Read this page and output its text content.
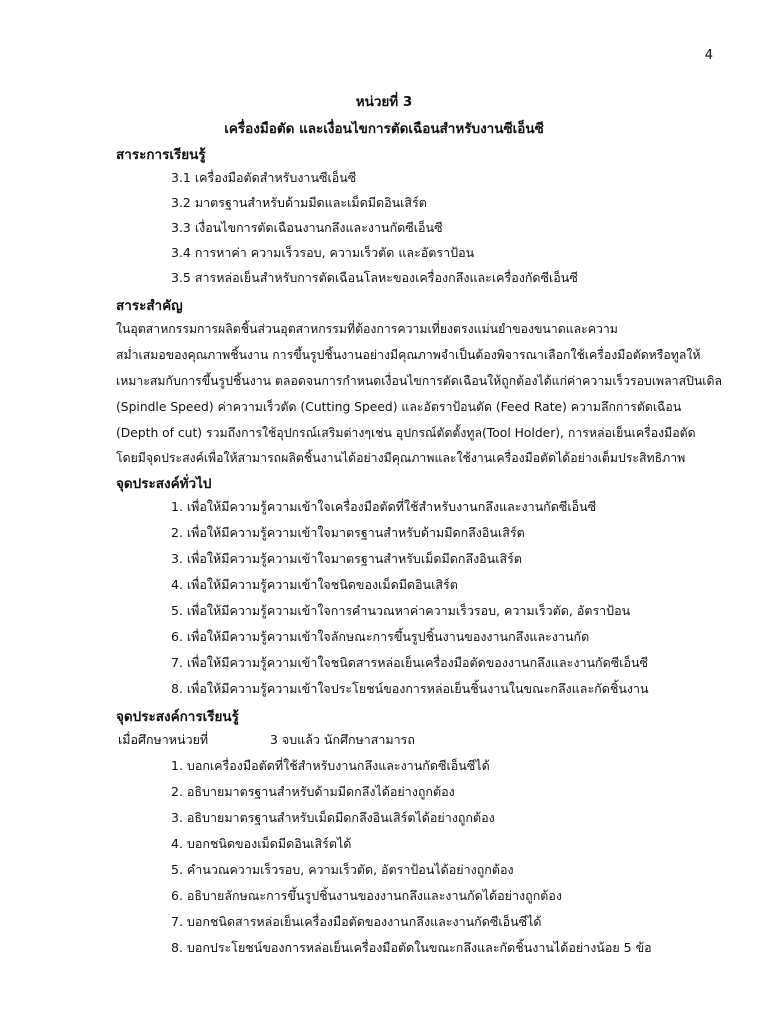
4
หน่วยที่ 3
เครื่องมือตัด และเงื่อนไขการตัดเฉือนสำหรับงานซีเอ็นซี
สาระการเรียนรู้
3.1 เครื่องมือตัดสำหรับงานซีเอ็นซี
3.2 มาตรฐานสำหรับด้ามมีดและเม็ดมีดอินเสิร์ต
3.3 เงื่อนไขการตัดเฉือนงานกลึงและงานกัดซีเอ็นซี
3.4 การหาค่า ความเร็วรอบ, ความเร็วตัด และอัตราป้อน
3.5 สารหล่อเย็นสำหรับการตัดเฉือนโลหะของเครื่องกลึงและเครื่องกัดซีเอ็นซี
สาระสำคัญ
ในอุตสาหกรรมการผลิตชิ้นส่วนอุตสาหกรรมที่ต้องการความเที่ยงตรงแม่นยำของขนาดและความ
สม่ำเสมอของคุณภาพชิ้นงาน การขึ้นรูปชิ้นงานอย่างมีคุณภาพจำเป็นต้องพิจารณาเลือกใช้เครื่องมือตัดหรือทูลให้
เหมาะสมกับการขึ้นรูปชิ้นงาน ตลอดจนการกำหนดเงื่อนไขการตัดเฉือนให้ถูกต้องได้แก่ค่าความเร็วรอบเพลาสปินเดิล
(Spindle Speed) ค่าความเร็วตัด (Cutting Speed) และอัตราป้อนตัด (Feed Rate) ความลึกการตัดเฉือน
(Depth of cut) รวมถึงการใช้อุปกรณ์เสริมต่างๆเช่น อุปกรณ์ตัดตั้งทูล(Tool Holder), การหล่อเย็นเครื่องมือตัด
โดยมีจุดประสงค์เพื่อให้สามารถผลิตชิ้นงานได้อย่างมีคุณภาพและใช้งานเครื่องมือตัดได้อย่างเต็มประสิทธิภาพ
จุดประสงค์ทั่วไป
1. เพื่อให้มีความรู้ความเข้าใจเครื่องมือตัดที่ใช้สำหรับงานกลึงและงานกัดซีเอ็นซี
2. เพื่อให้มีความรู้ความเข้าใจมาตรฐานสำหรับด้ามมีดกลึงอินเสิร์ต
3. เพื่อให้มีความรู้ความเข้าใจมาตรฐานสำหรับเม็ดมีดกลึงอินเสิร์ต
4. เพื่อให้มีความรู้ความเข้าใจชนิดของเม็ดมีดอินเสิร์ต
5. เพื่อให้มีความรู้ความเข้าใจการคำนวณหาค่าความเร็วรอบ, ความเร็วตัด, อัตราป้อน
6. เพื่อให้มีความรู้ความเข้าใจลักษณะการขึ้นรูปชิ้นงานของงานกลึงและงานกัด
7. เพื่อให้มีความรู้ความเข้าใจชนิดสารหล่อเย็นเครื่องมือตัดของงานกลึงและงานกัดซีเอ็นซี
8. เพื่อให้มีความรู้ความเข้าใจประโยชน์ของการหล่อเย็นชิ้นงานในขณะกลึงและกัดชิ้นงาน
จุดประสงค์การเรียนรู้
เมื่อศึกษาหน่วยที่	3 จบแล้ว นักศึกษาสามารถ
1. บอกเครื่องมือตัดที่ใช้สำหรับงานกลึงและงานกัดซีเอ็นซีได้
2. อธิบายมาตรฐานสำหรับด้ามมีดกลึงได้อย่างถูกต้อง
3. อธิบายมาตรฐานสำหรับเม็ดมีดกลึงอินเสิร์ตได้อย่างถูกต้อง
4. บอกชนิดของเม็ดมีดอินเสิร์ตได้
5. คำนวณความเร็วรอบ, ความเร็วตัด, อัตราป้อนได้อย่างถูกต้อง
6. อธิบายลักษณะการขึ้นรูปชิ้นงานของงานกลึงและงานกัดได้อย่างถูกต้อง
7. บอกชนิดสารหล่อเย็นเครื่องมือตัดของงานกลึงและงานกัดซีเอ็นซีได้
8. บอกประโยชน์ของการหล่อเย็นเครื่องมือตัดในขณะกลึงและกัดชิ้นงานได้อย่างน้อย 5 ข้อ
